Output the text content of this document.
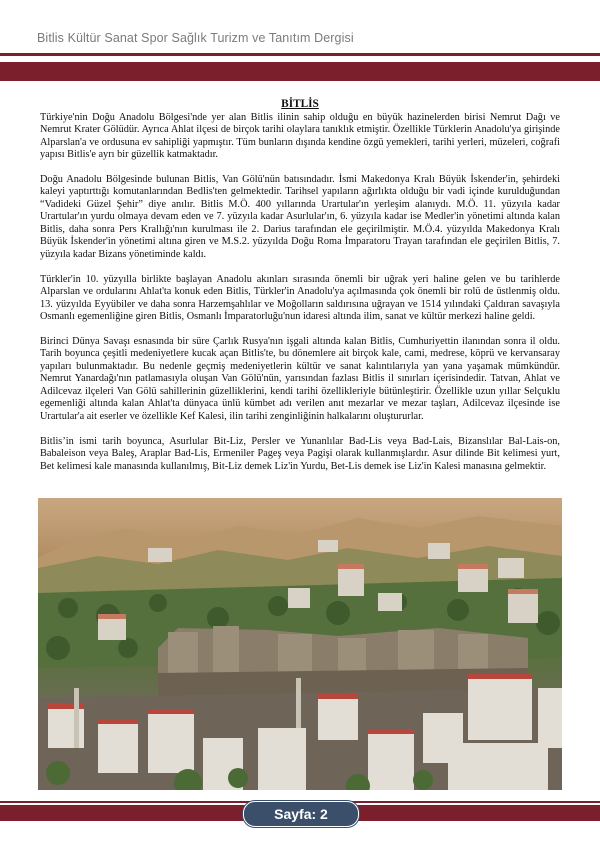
Bitlis Kültür Sanat Spor Sağlık Turizm ve Tanıtım Dergisi
BİTLİS

Türkiye'nin Doğu Anadolu Bölgesi'nde yer alan Bitlis ilinin sahip olduğu en büyük hazinelerden birisi Nemrut Dağı ve Nemrut Krater Gölüdür. Ayrıca Ahlat ilçesi de birçok tarihi olaylara tanıklık etmiştir. Özellikle Türklerin Anadolu'ya girişinde Alparslan'a ve ordusuna ev sahipliği yapmıştır. Tüm bunların dışında kendine özgü yemekleri, tarihi yerleri, müzeleri, coğrafi yapısı Bitlis'e ayrı bir güzellik katmaktadır.

Doğu Anadolu Bölgesinde bulunan Bitlis, Van Gölü'nün batısındadır. İsmi Makedonya Kralı Büyük İskender'in, şehirdeki kaleyi yaptırttığı komutanlarından Bedlis'ten gelmektedir. Tarihsel yapıların ağırlıkta olduğu bir vadi içinde kurulduğundan “Vadideki Güzel Şehir” diye anılır. Bitlis M.Ö. 400 yıllarında Urartular'ın yerleşim alanıydı. M.Ö. 11. yüzyıla kadar Urartular'ın yurdu olmaya devam eden ve 7. yüzyıla kadar Asurlular'ın, 6. yüzyıla kadar ise Medler'in yönetimi altında kalan Bitlis, daha sonra Pers Krallığı'nın kurulması ile 2. Darius tarafından ele geçirilmiştir. M.Ö.4. yüzyılda Makedonya Kralı Büyük İskender'in yönetimi altına giren ve M.S.2. yüzyılda Doğu Roma İmparatoru Trayan tarafından ele geçirilen Bitlis, 7. yüzyıla kadar Bizans yönetiminde kaldı.

Türkler'in 10. yüzyılla birlikte başlayan Anadolu akınları sırasında önemli bir uğrak yeri haline gelen ve bu tarihlerde Alparslan ve ordularını Ahlat'ta konuk eden Bitlis, Türkler'in Anadolu'ya açılmasında çok önemli bir rolü de üstlenmiş oldu. 13. yüzyılda Eyyübiler ve daha sonra Harzemşahlılar ve Moğolların saldırısına uğrayan ve 1514 yılındaki Çaldıran savaşıyla Osmanlı egemenliğine giren Bitlis, Osmanlı İmparatorluğu'nun idaresi altında ilim, sanat ve kültür merkezi haline geldi.

Birinci Dünya Savaşı esnasında bir süre Çarlık Rusya'nın işgali altında kalan Bitlis, Cumhuriyettin ilanından sonra il oldu. Tarih boyunca çeşitli medeniyetlere kucak açan Bitlis'te, bu dönemlere ait birçok kale, cami, medrese, köprü ve kervansaray yapıları bulunmaktadır. Bu nedenle geçmiş medeniyetlerin kültür ve sanat kalıntılarıyla yan yana yaşamak mümkündür. Nemrut Yanardağı'nın patlamasıyla oluşan Van Gölü'nün, yarısından fazlası Bitlis il sınırları içerisindedir. Tatvan, Ahlat ve Adilcevaz ilçeleri Van Gölü sahillerinin güzelliklerini, kendi tarihi özellikleriyle bütünleştirir. Özellikle uzun yıllar Selçuklu egemenliği altında kalan Ahlat'ta dünyaca ünlü kümbet adı verilen anıt mezarlar ve mezar taşları, Adilcevaz ilçesinde ise Urartular'a ait eserler ve özellikle Kef Kalesi, ilin tarihi zenginliğinin halkalarını oluştururlar.

Bitlis’in ismi tarih boyunca, Asurlular Bit-Liz, Persler ve Yunanlılar Bad-Lis veya Bad-Lais, Bizanslılar Bal-Lais-on, Babaleison veya Baleş, Araplar Bad-Lis, Ermeniler Pageş veya Pagişi olarak kullanmışlardır. Asur dilinde Bit kelimesi yurt, Bet kelimesi kale manasında kullanılmış, Bit-Liz demek Liz'in Yurdu, Bet-Lis demek ise Liz'in Kalesi manasına gelmektir.

Sayfa: 2
